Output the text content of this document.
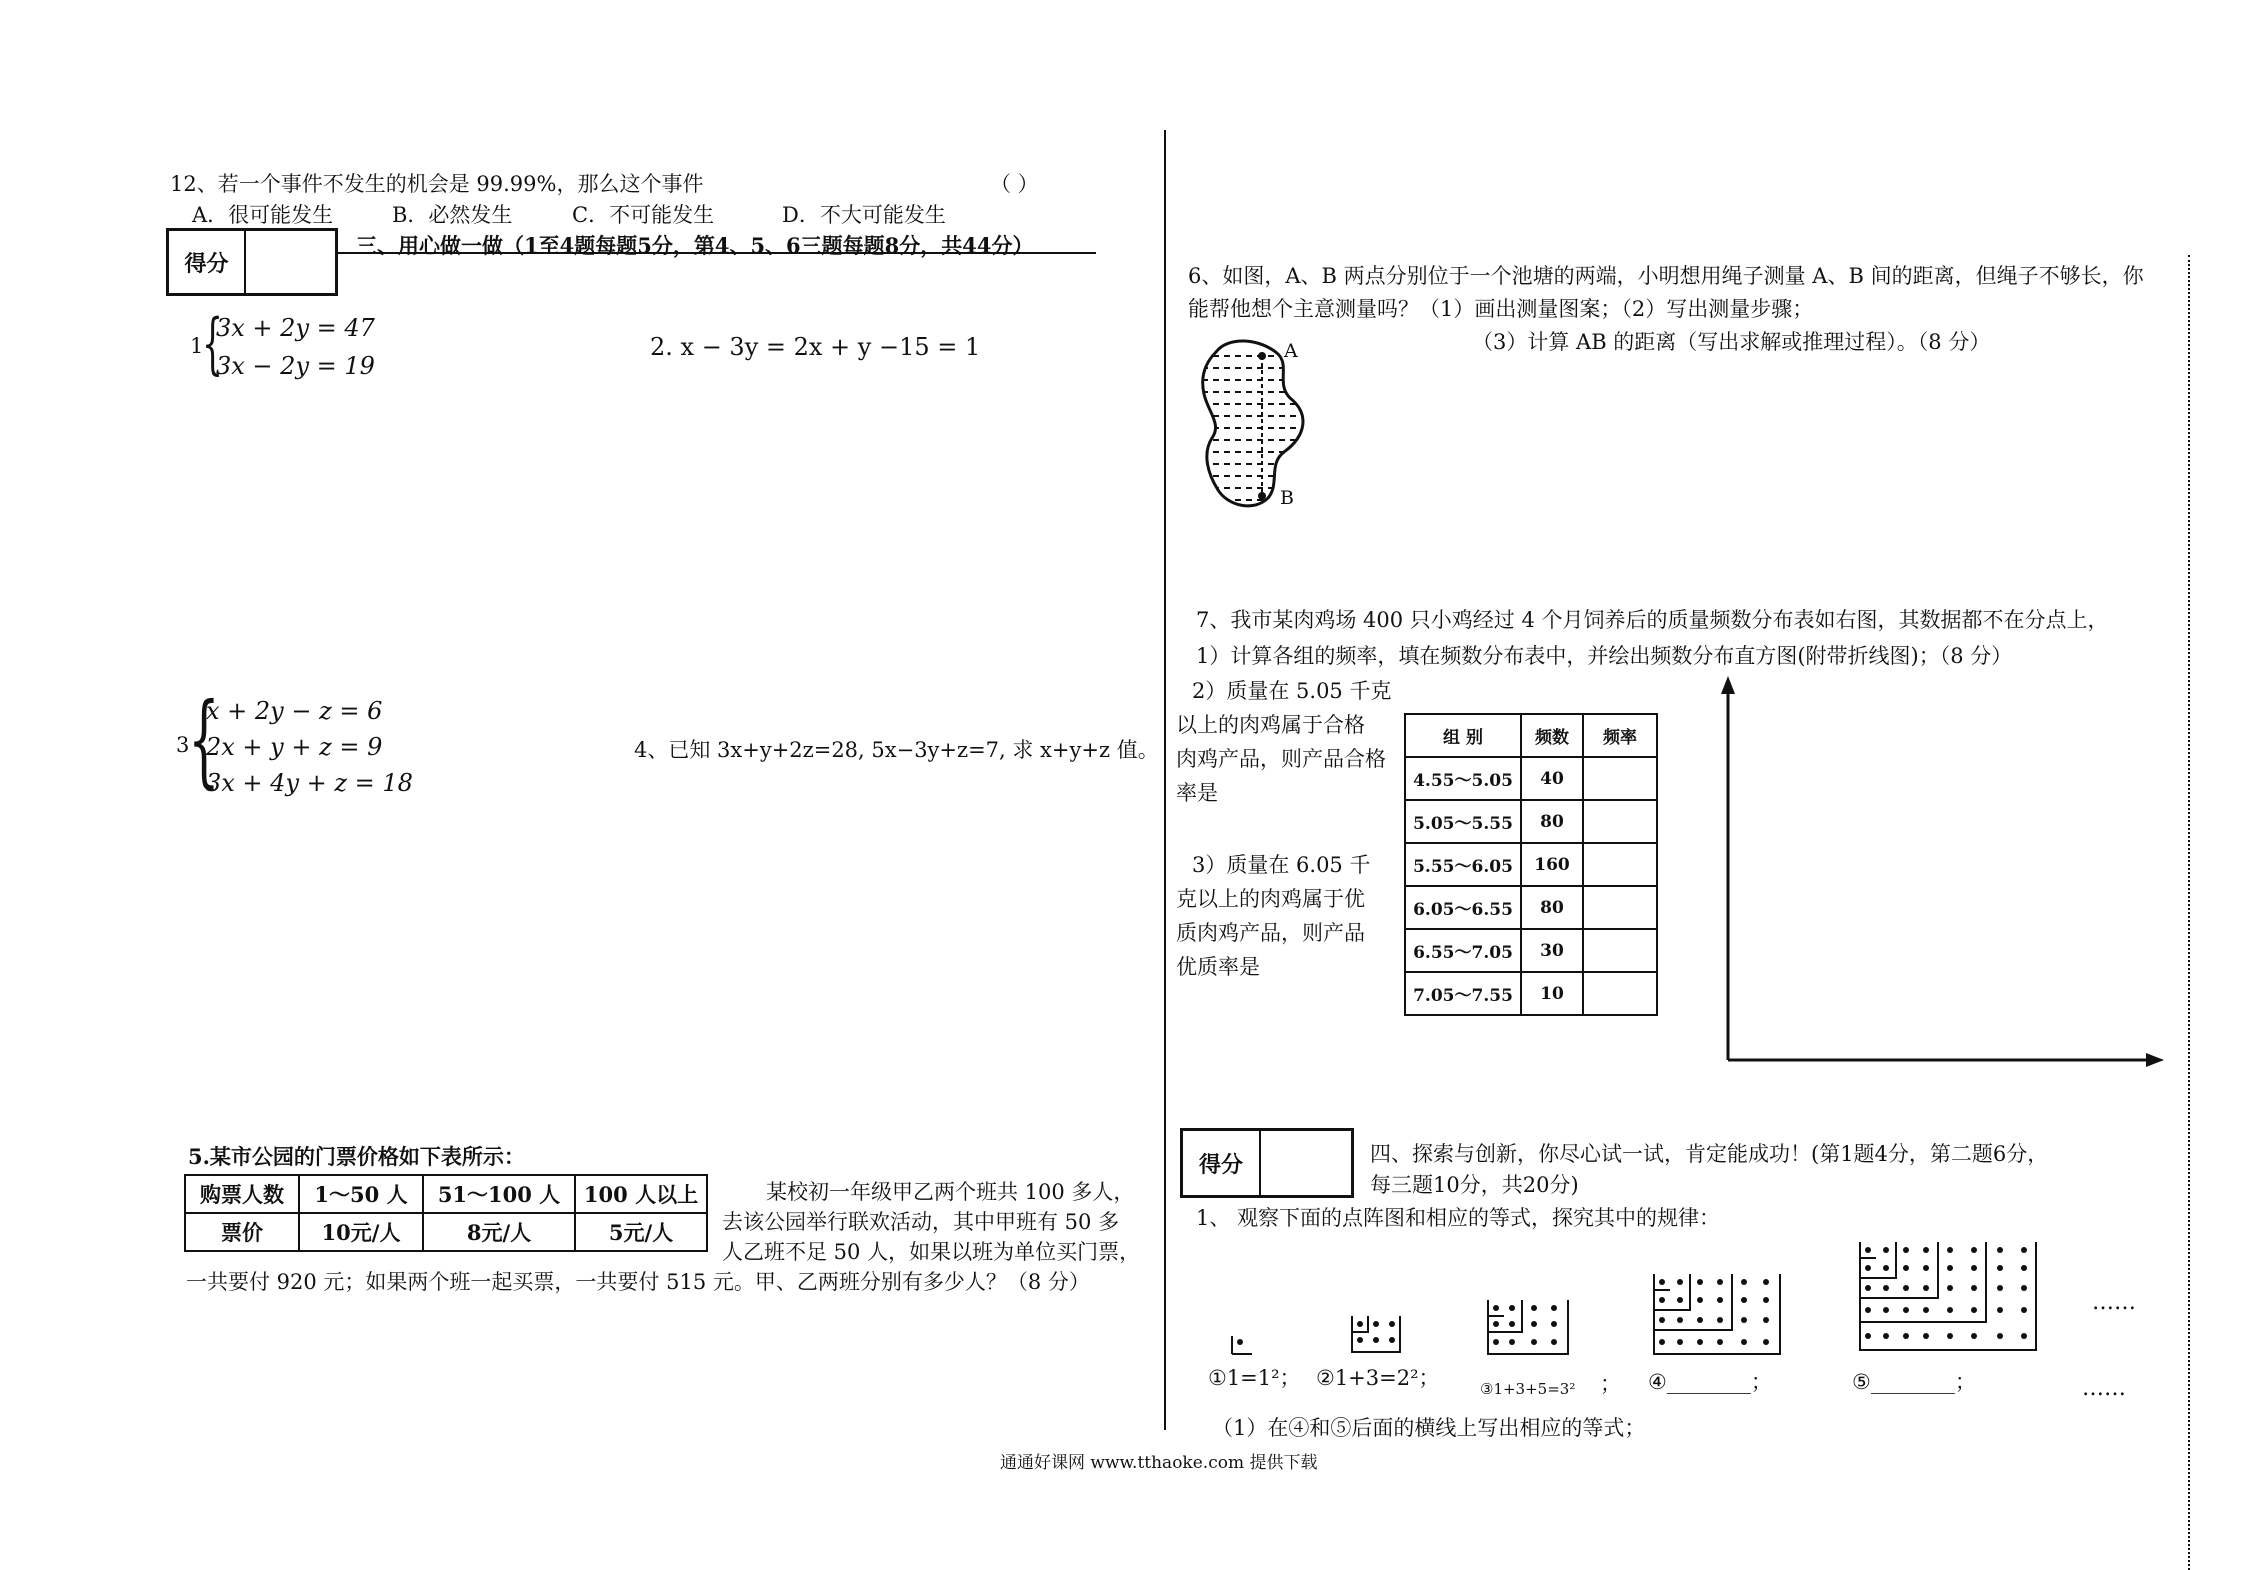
12、若一个事件不发生的机会是 99.99%，那么这个事件	（ ）
A．很可能发生	B．必然发生	C．不可能发生	D．不大可能发生
得分
三、用心做一做（1至4题每题5分，第4、5、6三题每题8分，共44分）
1
{
3x + 2y = 47
3x − 2y = 19
2. x − 3y = 2x + y −15 = 1
3
{
x + 2y − z = 6
2x + y + z = 9
3x + 4y + z = 18
4、已知 3x+y+2z=28, 5x−3y+z=7, 求 x+y+z 值。
5.某市公园的门票价格如下表所示：
购票人数	1～50 人	51～100 人	100 人以上
票价	10元/人	8元/人	5元/人
某校初一年级甲乙两个班共 100 多人，
去该公园举行联欢活动，其中甲班有 50 多
人乙班不足 50 人，如果以班为单位买门票，
一共要付 920 元；如果两个班一起买票，一共要付 515 元。甲、乙两班分别有多少人？（8 分）
6、如图，A、B 两点分别位于一个池塘的两端，小明想用绳子测量 A、B 间的距离，但绳子不够长，你
能帮他想个主意测量吗？（1）画出测量图案；（2）写出测量步骤；
（3）计算 AB 的距离（写出求解或推理过程）。（8 分）
A
B
7、我市某肉鸡场 400 只小鸡经过 4 个月饲养后的质量频数分布表如右图，其数据都不在分点上，
1）计算各组的频率，填在频数分布表中，并绘出频数分布直方图(附带折线图)；（8 分）
2）质量在 5.05 千克
以上的肉鸡属于合格
肉鸡产品，则产品合格
率是
3）质量在 6.05 千
克以上的肉鸡属于优
质肉鸡产品，则产品
优质率是
组 别	频数	频率
4.55～5.05	40	
5.05～5.55	80	
5.55～6.05	160	
6.05～6.55	80	
6.55～7.05	30	
7.05～7.55	10	
得分	四、探索与创新，你尽心试一试，肯定能成功！(第1题4分，第二题6分，
每三题10分，共20分)
1、 观察下面的点阵图和相应的等式，探究其中的规律：
……
①1=1²； ②1+3=2²；	③1+3+5=3² ； ④________；	⑤________；	……
（1）在④和⑤后面的横线上写出相应的等式；
通通好课网 www.tthaoke.com 提供下载
